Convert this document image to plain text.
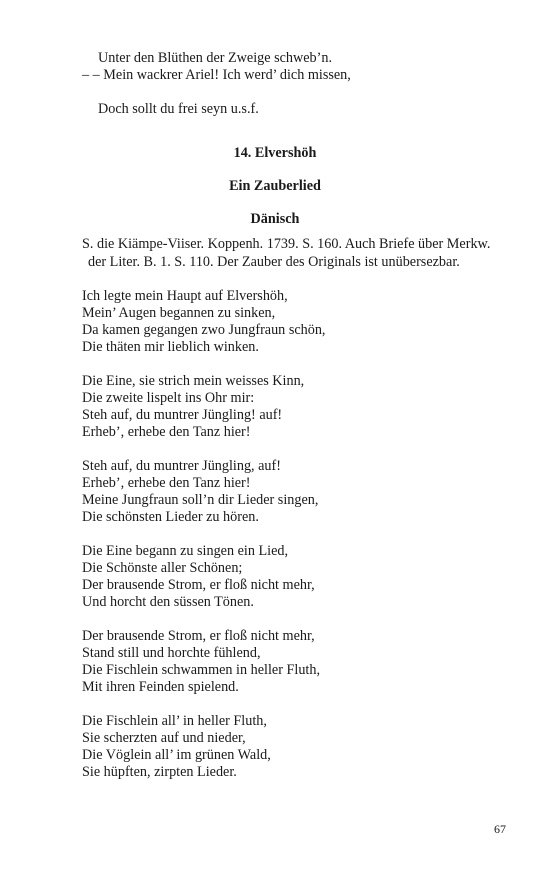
Unter den Blüthen der Zweige schweb’n.
– – Mein wackrer Ariel! Ich werd’ dich missen,
Doch sollt du frei seyn u.s.f.
14. Elvershöh
Ein Zauberlied
Dänisch
S. die Kiämpe-Viiser. Koppenh. 1739. S. 160. Auch Briefe über Merkw.
der Liter. B. 1. S. 110. Der Zauber des Originals ist unübersezbar.
Ich legte mein Haupt auf Elvershöh,
Mein’ Augen begannen zu sinken,
Da kamen gegangen zwo Jungfraun schön,
Die thäten mir lieblich winken.
Die Eine, sie strich mein weisses Kinn,
Die zweite lispelt ins Ohr mir:
Steh auf, du muntrer Jüngling! auf!
Erheb’, erhebe den Tanz hier!
Steh auf, du muntrer Jüngling, auf!
Erheb’, erhebe den Tanz hier!
Meine Jungfraun soll’n dir Lieder singen,
Die schönsten Lieder zu hören.
Die Eine begann zu singen ein Lied,
Die Schönste aller Schönen;
Der brausende Strom, er floß nicht mehr,
Und horcht den süssen Tönen.
Der brausende Strom, er floß nicht mehr,
Stand still und horchte fühlend,
Die Fischlein schwammen in heller Fluth,
Mit ihren Feinden spielend.
Die Fischlein all’ in heller Fluth,
Sie scherzten auf und nieder,
Die Vöglein all’ im grünen Wald,
Sie hüpften, zirpten Lieder.
67
